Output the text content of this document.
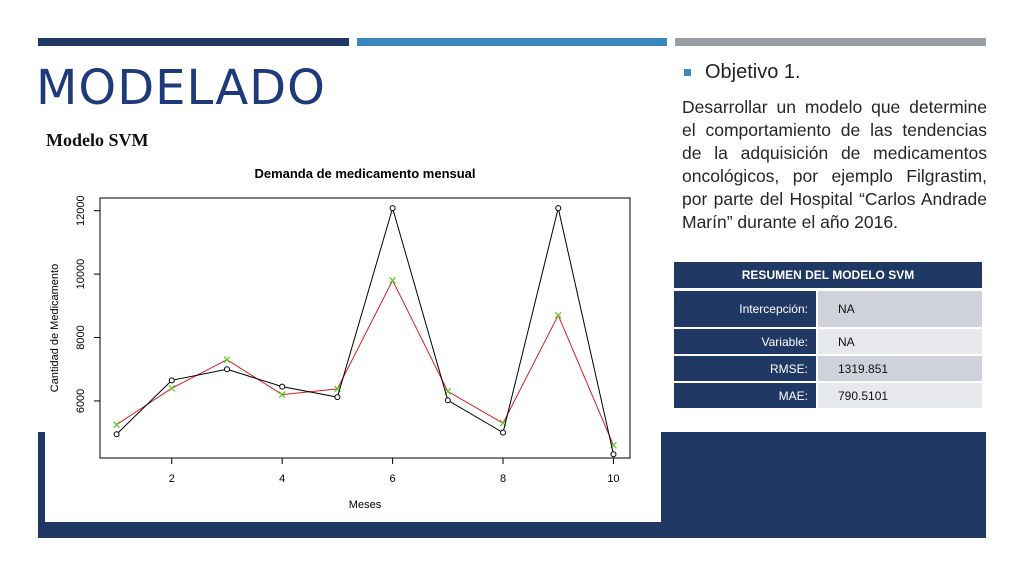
MODELADO
Modelo SVM
Demanda de medicamento mensual
2	4	6	8	10
6000
8000
10000
12000
Meses
Cantidad de Medicamento
Objetivo 1.
Desarrollar un modelo que determine el comportamiento de las tendencias de la adquisición de medicamentos oncológicos, por ejemplo Filgrastim, por parte del Hospital “Carlos Andrade Marín” durante el año 2016.
RESUMEN DEL MODELO SVM	
Intercepción:	NA
Variable:	NA
RMSE:	1319.851
MAE:	790.5101
